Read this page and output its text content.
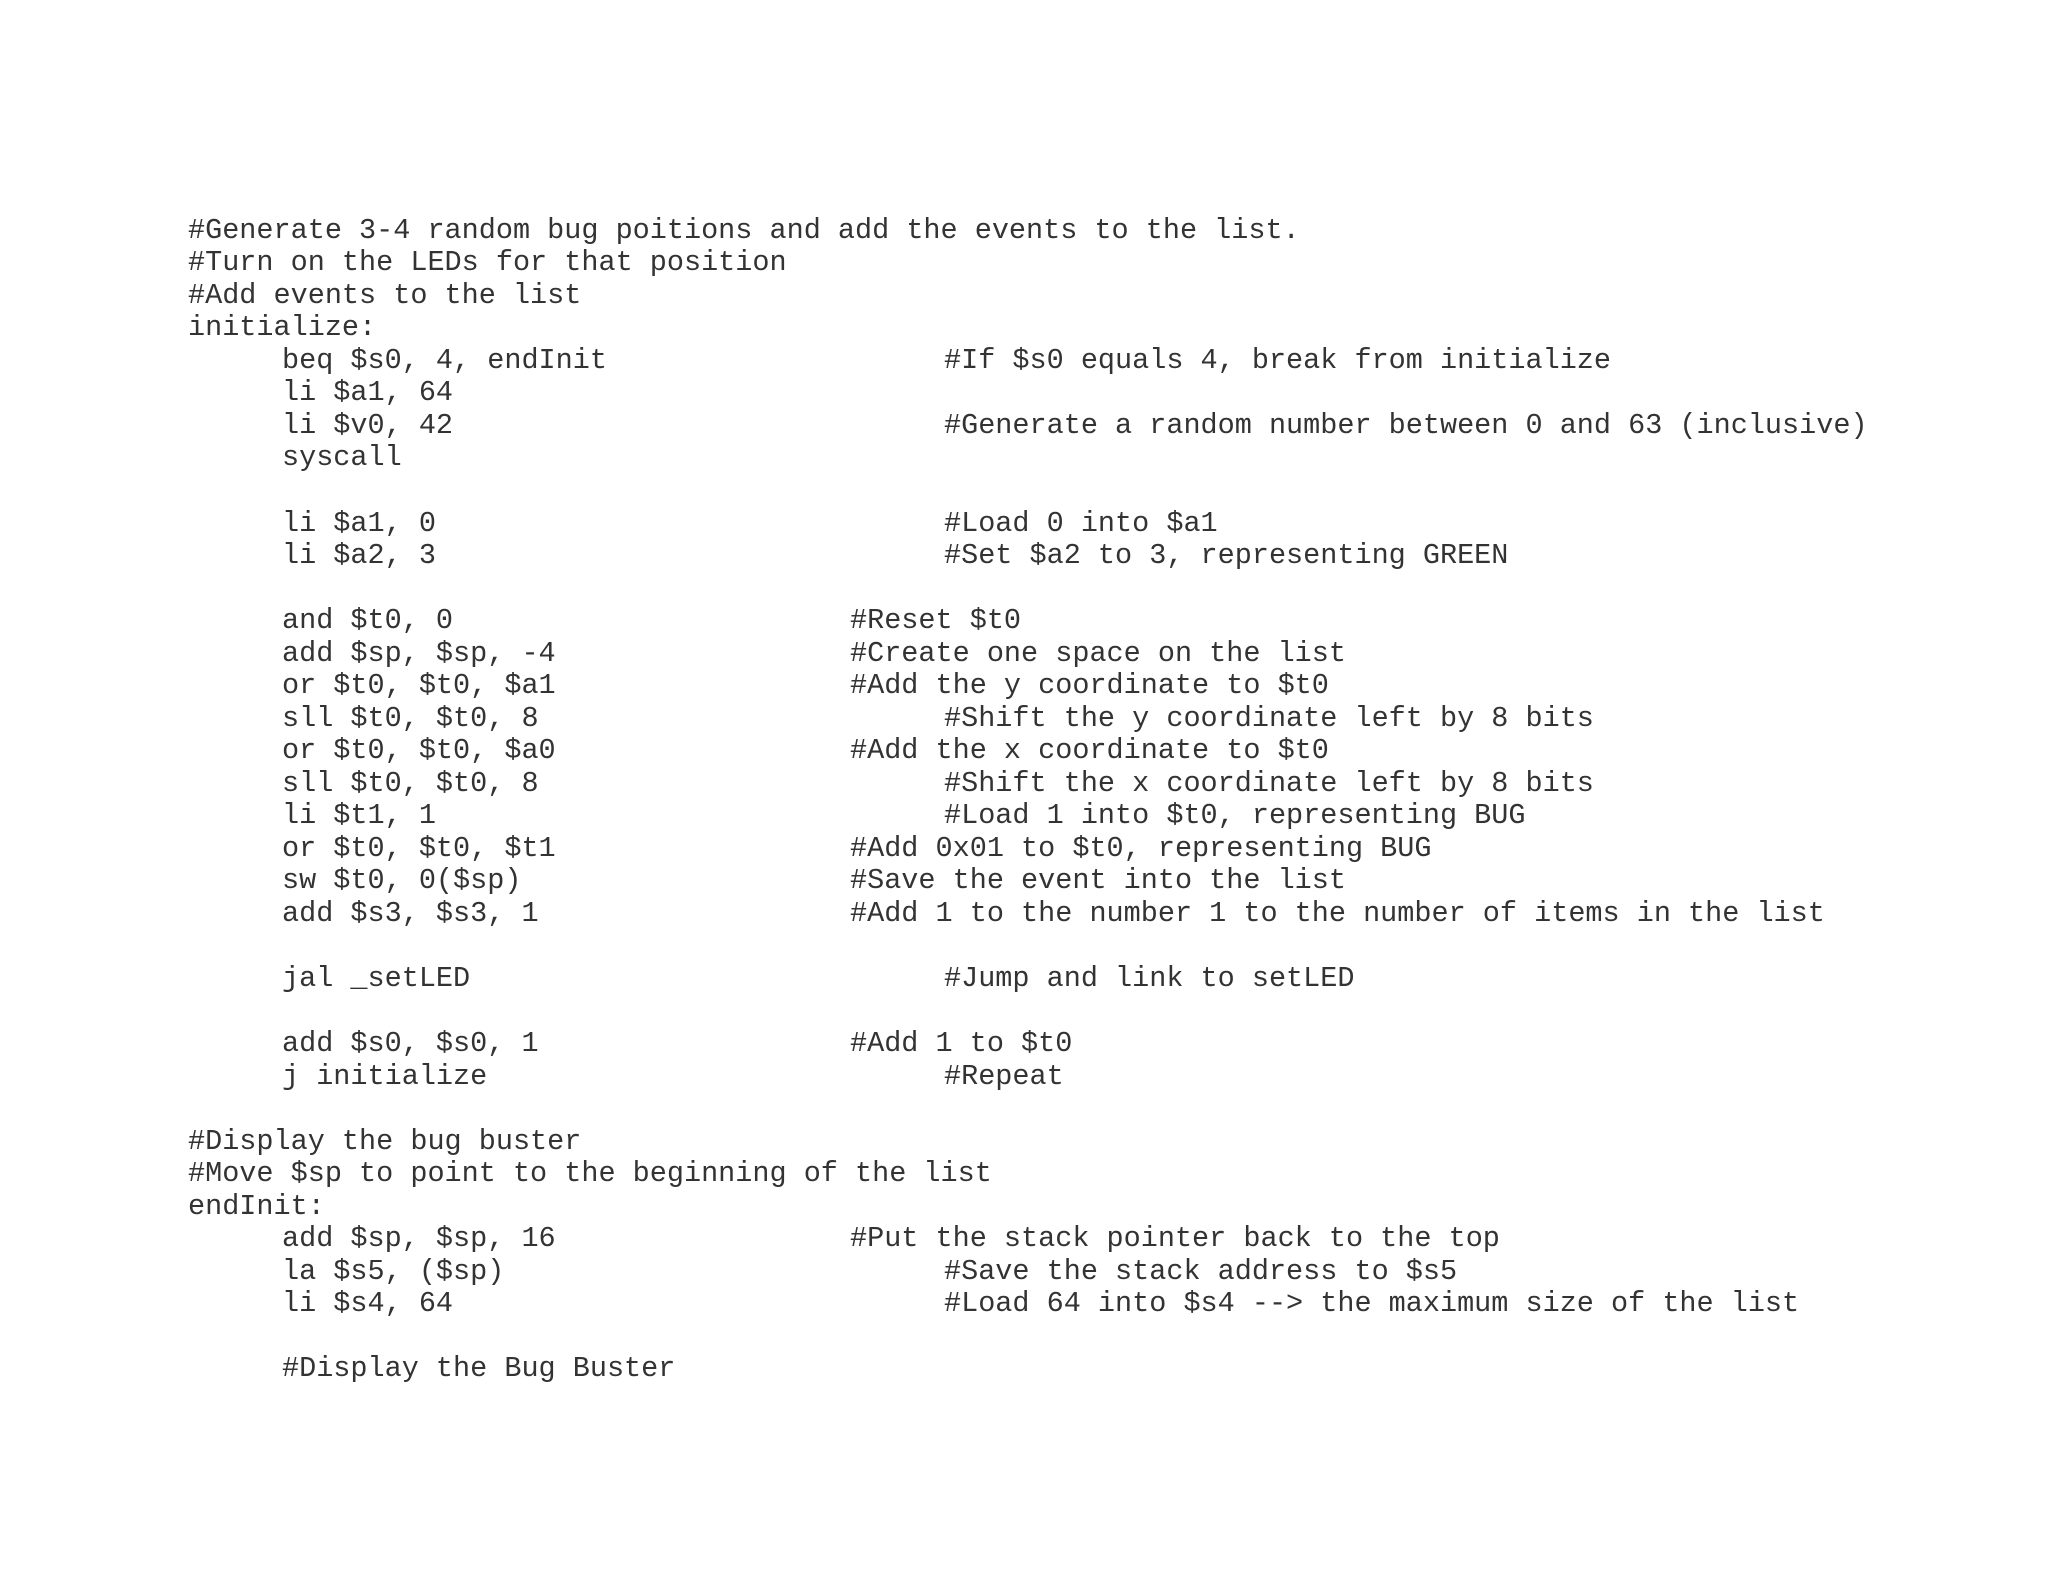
#Generate 3-4 random bug poitions and add the events to the list.
#Turn on the LEDs for that position
#Add events to the list
initialize:
beq $s0, 4, endInit	#If $s0 equals 4, break from initialize
li $a1, 64
li $v0, 42	#Generate a random number between 0 and 63 (inclusive)
syscall
li $a1, 0	#Load 0 into $a1
li $a2, 3	#Set $a2 to 3, representing GREEN
and $t0, 0	#Reset $t0
add $sp, $sp, -4	#Create one space on the list
or $t0, $t0, $a1	#Add the y coordinate to $t0
sll $t0, $t0, 8	#Shift the y coordinate left by 8 bits
or $t0, $t0, $a0	#Add the x coordinate to $t0
sll $t0, $t0, 8	#Shift the x coordinate left by 8 bits
li $t1, 1	#Load 1 into $t0, representing BUG
or $t0, $t0, $t1	#Add 0x01 to $t0, representing BUG
sw $t0, 0($sp)	#Save the event into the list
add $s3, $s3, 1	#Add 1 to the number 1 to the number of items in the list
jal _setLED	#Jump and link to setLED
add $s0, $s0, 1	#Add 1 to $t0
j initialize	#Repeat
#Display the bug buster
#Move $sp to point to the beginning of the list
endInit:
add $sp, $sp, 16	#Put the stack pointer back to the top
la $s5, ($sp)	#Save the stack address to $s5
li $s4, 64	#Load 64 into $s4 --> the maximum size of the list
#Display the Bug Buster
